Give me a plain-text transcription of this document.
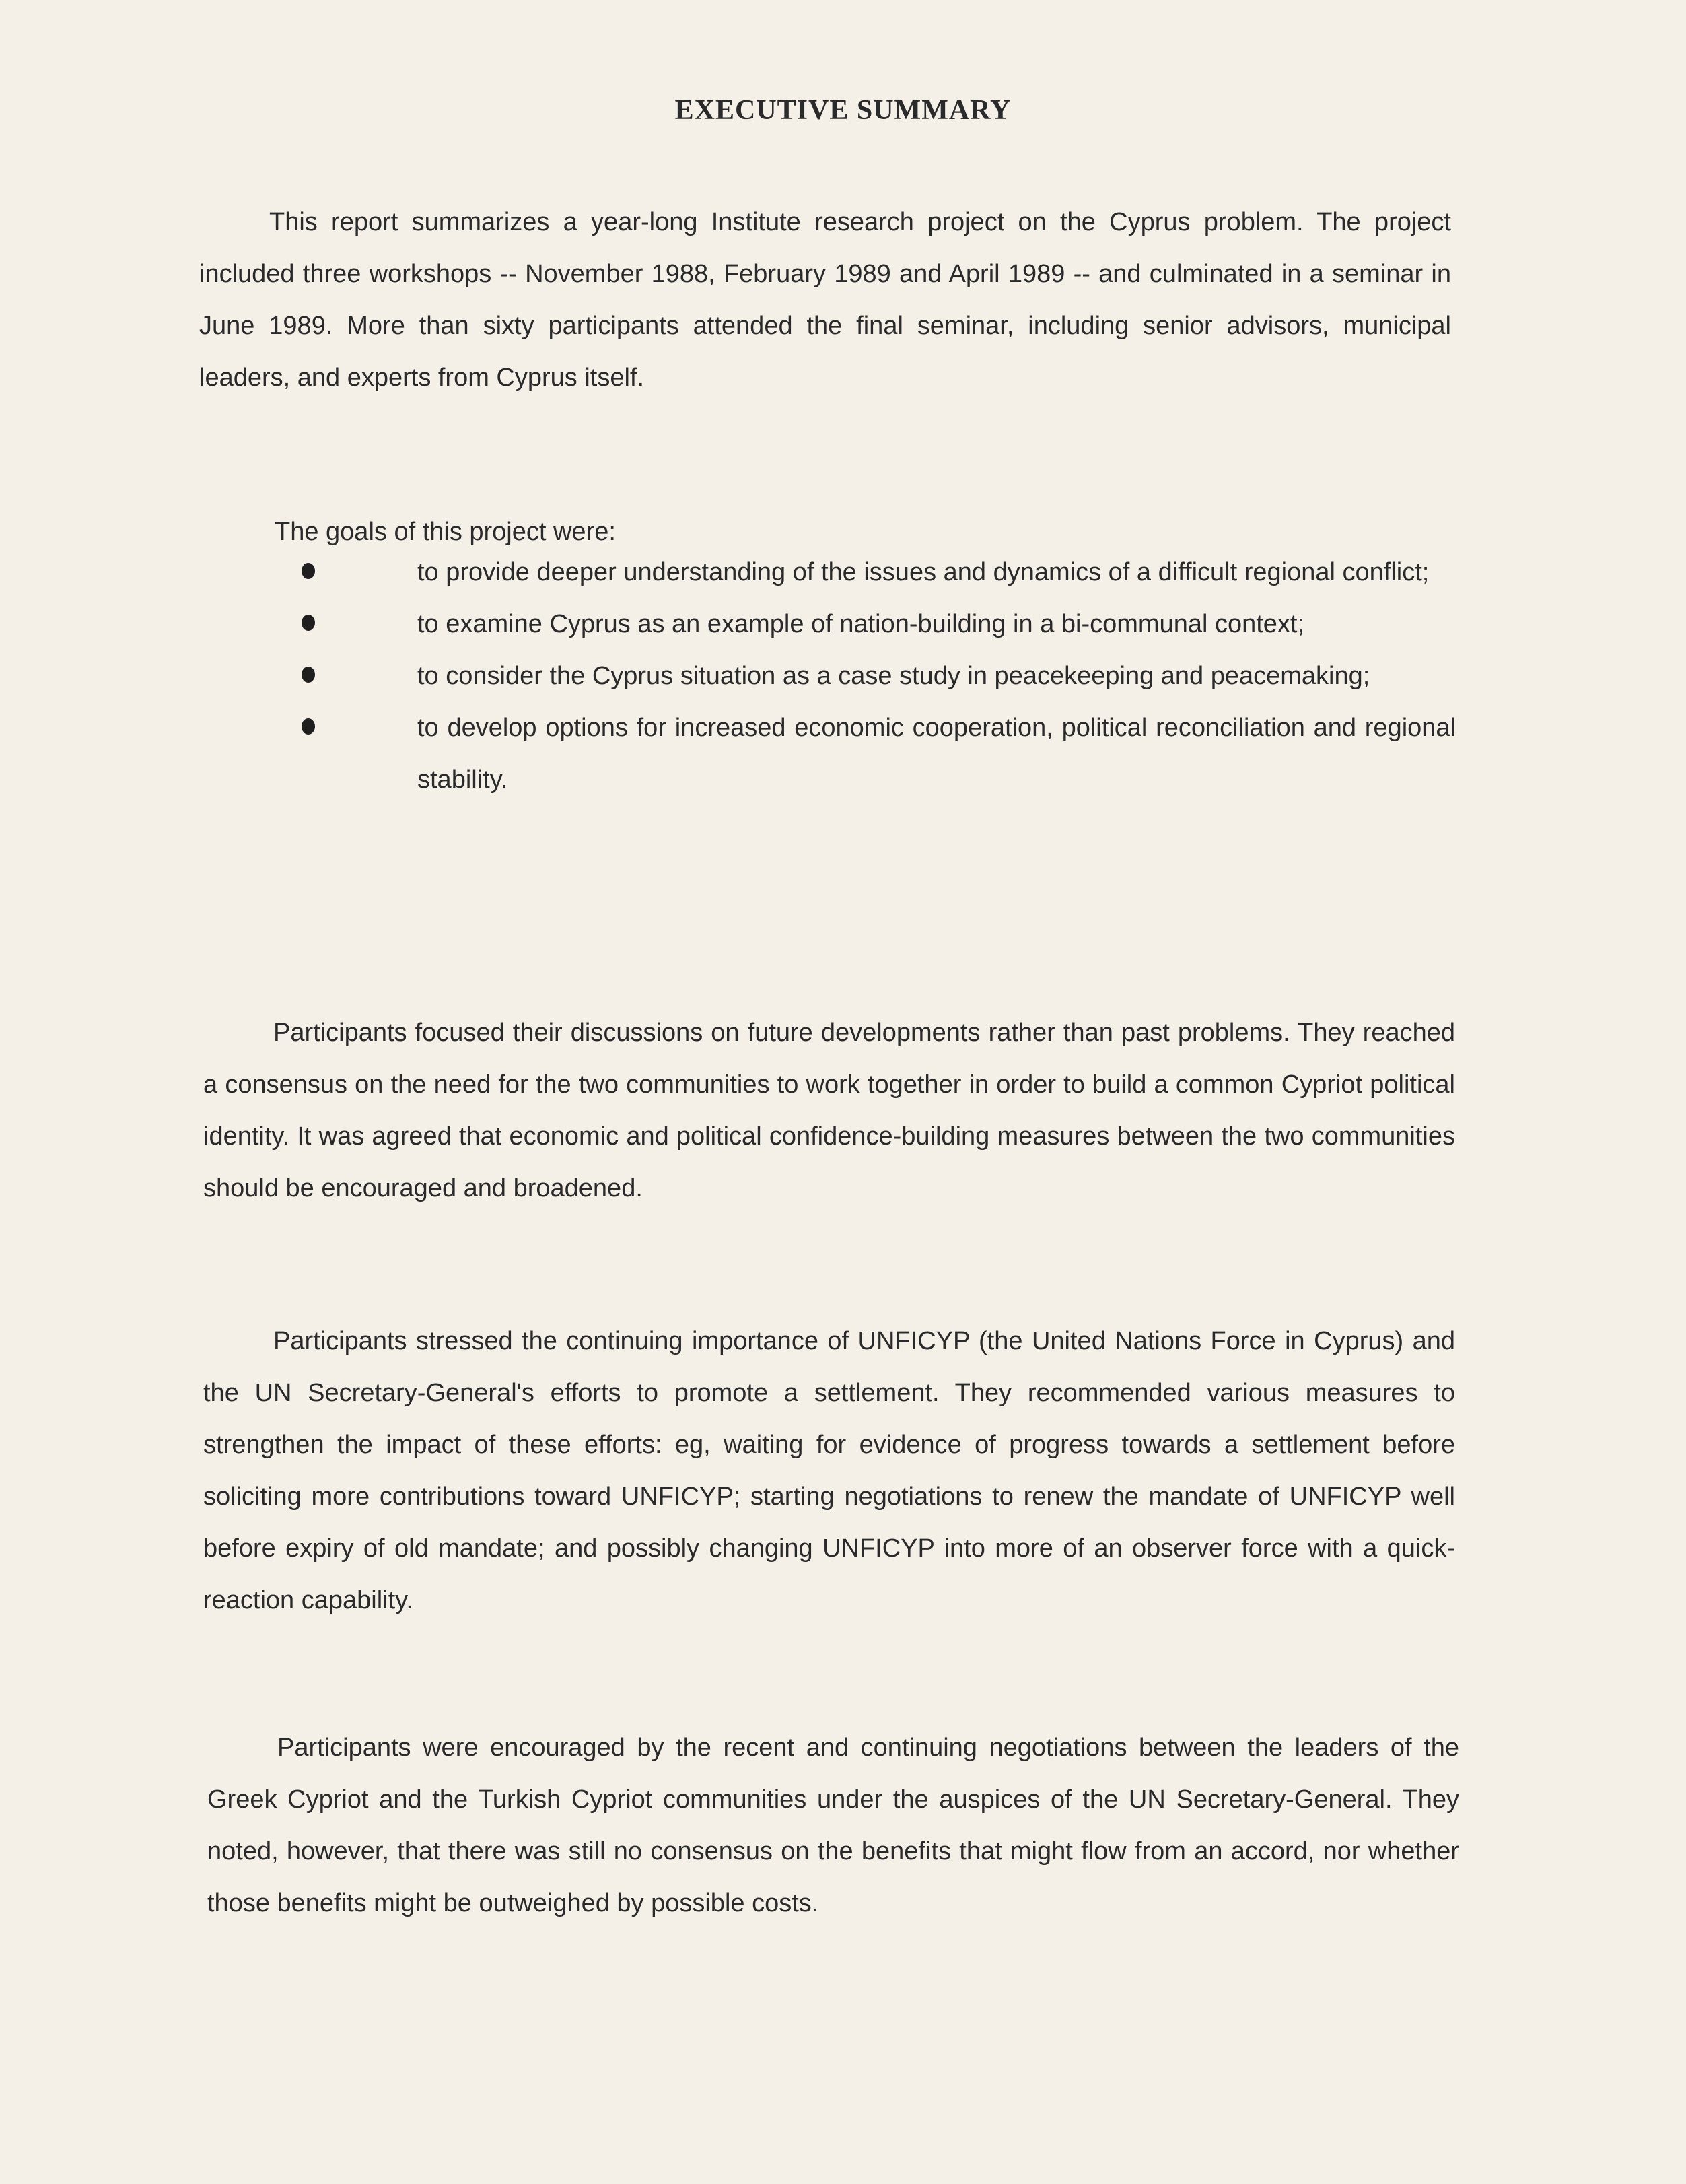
EXECUTIVE SUMMARY

This report summarizes a year-long Institute research project on the Cyprus problem. The project included three workshops -- November 1988, February 1989 and April 1989 -- and culminated in a seminar in June 1989. More than sixty participants attended the final seminar, including senior advisors, municipal leaders, and experts from Cyprus itself.

The goals of this project were:

to provide deeper understanding of the issues and dynamics of a difficult regional conflict;
to examine Cyprus as an example of nation-building in a bi-communal context;
to consider the Cyprus situation as a case study in peacekeeping and peacemaking;
to develop options for increased economic cooperation, political reconciliation and regional stability.

Participants focused their discussions on future developments rather than past problems. They reached a consensus on the need for the two communities to work together in order to build a common Cypriot political identity. It was agreed that economic and political confidence-building measures between the two communities should be encouraged and broadened.

Participants stressed the continuing importance of UNFICYP (the United Nations Force in Cyprus) and the UN Secretary-General's efforts to promote a settlement. They recommended various measures to strengthen the impact of these efforts: eg, waiting for evidence of progress towards a settlement before soliciting more contributions toward UNFICYP; starting negotiations to renew the mandate of UNFICYP well before expiry of old mandate; and possibly changing UNFICYP into more of an observer force with a quick-reaction capability.

Participants were encouraged by the recent and continuing negotiations between the leaders of the Greek Cypriot and the Turkish Cypriot communities under the auspices of the UN Secretary-General. They noted, however, that there was still no consensus on the benefits that might flow from an accord, nor whether those benefits might be outweighed by possible costs.
